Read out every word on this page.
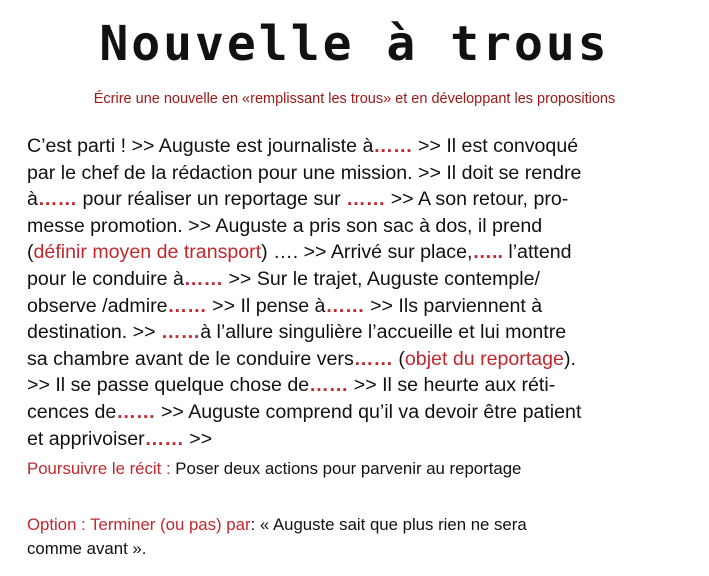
Nouvelle à trous

Écrire une nouvelle en «remplissant les trous» et en développant les propositions

C’est parti ! >> Auguste est journaliste à…… >> Il est convoqué
par le chef de la rédaction pour une mission. >> Il doit se rendre
à…… pour réaliser un reportage sur …… >> A son retour, pro-
messe promotion. >> Auguste a pris son sac à dos, il prend
(définir moyen de transport) …. >> Arrivé sur place,….. l’attend
pour le conduire à…… >> Sur le trajet, Auguste contemple/
observe /admire…… >> Il pense à…… >> Ils parviennent à
destination. >> ……à l’allure singulière l’accueille et lui montre
sa chambre avant de le conduire vers…… (objet du reportage).
>> Il se passe quelque chose de…… >> Il se heurte aux réti-
cences de…… >> Auguste comprend qu’il va devoir être patient
et apprivoiser…… >>
Poursuivre le récit : Poser deux actions pour parvenir au reportage
Option : Terminer (ou pas) par: « Auguste sait que plus rien ne sera
comme avant ».
